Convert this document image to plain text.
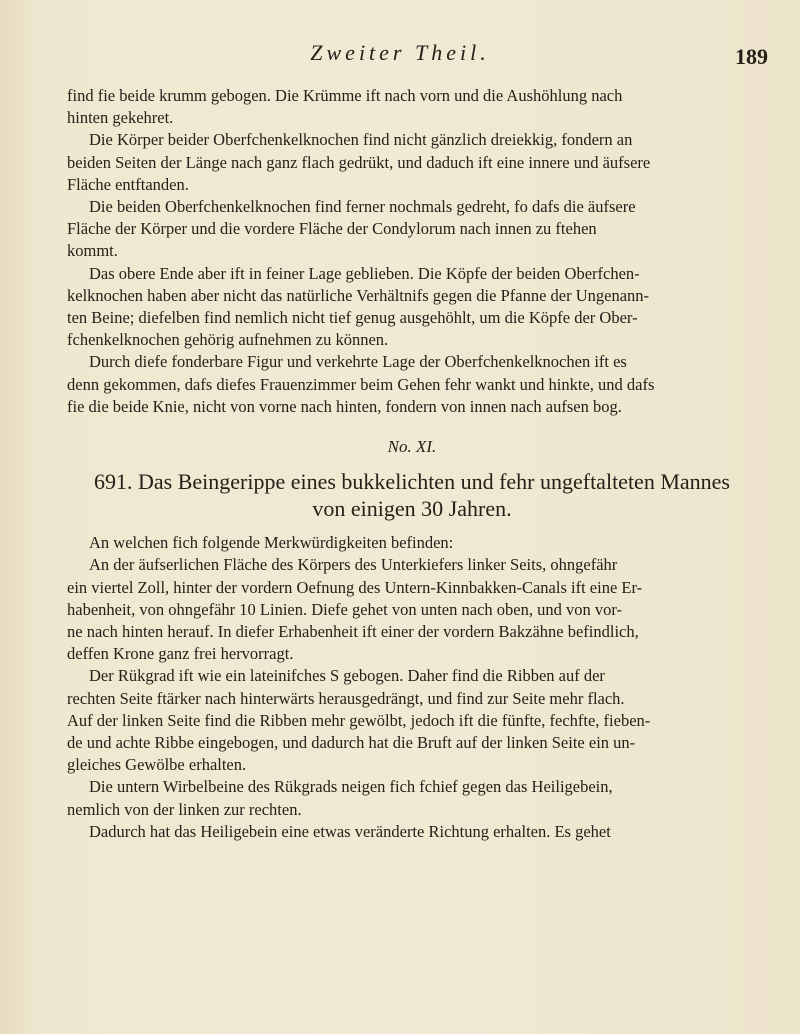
Zweiter Theil.	189
find fie beide krumm gebogen. Die Krümme ift nach vorn und die Aushöhlung nach
hinten gekehret.
Die Körper beider Oberfchenkelknochen find nicht gänzlich dreiekkig, fondern an
beiden Seiten der Länge nach ganz flach gedrükt, und daduch ift eine innere und äufsere
Fläche entftanden.
Die beiden Oberfchenkelknochen find ferner nochmals gedreht, fo dafs die äufsere
Fläche der Körper und die vordere Fläche der Condylorum nach innen zu ftehen
kommt.
Das obere Ende aber ift in feiner Lage geblieben. Die Köpfe der beiden Oberfchen-
kelknochen haben aber nicht das natürliche Verhältnifs gegen die Pfanne der Ungenann-
ten Beine; diefelben find nemlich nicht tief genug ausgehöhlt, um die Köpfe der Ober-
fchenkelknochen gehörig aufnehmen zu können.
Durch diefe fonderbare Figur und verkehrte Lage der Oberfchenkelknochen ift es
denn gekommen, dafs diefes Frauenzimmer beim Gehen fehr wankt und hinkte, und dafs
fie die beide Knie, nicht von vorne nach hinten, fondern von innen nach aufsen bog.
No. XI.
691. Das Beingerippe eines bukkelichten und fehr ungeftalteten Mannes
von einigen 30 Jahren.
An welchen fich folgende Merkwürdigkeiten befinden:
An der äufserlichen Fläche des Körpers des Unterkiefers linker Seits, ohngefähr
ein viertel Zoll, hinter der vordern Oefnung des Untern-Kinnbakken-Canals ift eine Er-
habenheit, von ohngefähr 10 Linien. Diefe gehet von unten nach oben, und von vor-
ne nach hinten herauf. In diefer Erhabenheit ift einer der vordern Bakzähne befindlich,
deffen Krone ganz frei hervorragt.
Der Rükgrad ift wie ein lateinifches S gebogen. Daher find die Ribben auf der
rechten Seite ftärker nach hinterwärts herausgedrängt, und find zur Seite mehr flach.
Auf der linken Seite find die Ribben mehr gewölbt, jedoch ift die fünfte, fechfte, fieben-
de und achte Ribbe eingebogen, und dadurch hat die Bruft auf der linken Seite ein un-
gleiches Gewölbe erhalten.
Die untern Wirbelbeine des Rükgrads neigen fich fchief gegen das Heiligebein,
nemlich von der linken zur rechten.
Dadurch hat das Heiligebein eine etwas veränderte Richtung erhalten. Es gehet
